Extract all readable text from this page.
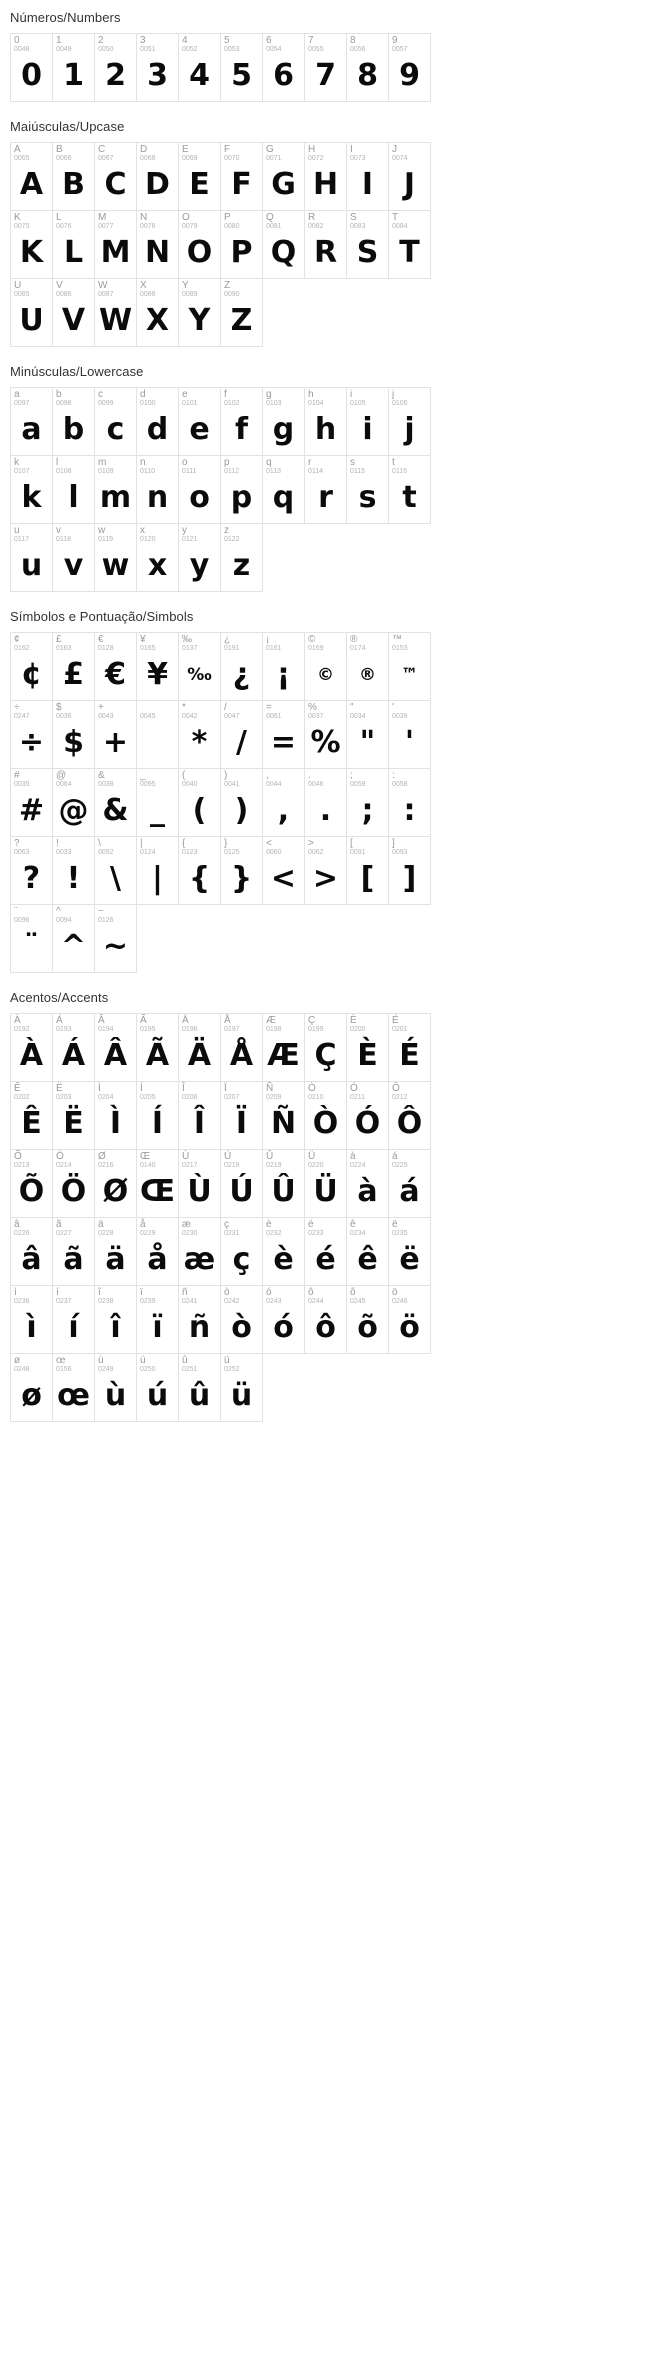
Números/Numbers
0
0048
0
1
0049
1
2
0050
2
3
0051
3
4
0052
4
5
0053
5
6
0054
6
7
0055
7
8
0056
8
9
0057
9
Maiúsculas/Upcase
A
0065
A
B
0066
B
C
0067
C
D
0068
D
E
0069
E
F
0070
F
G
0071
G
H
0072
H
I
0073
I
J
0074
J
K
0075
K
L
0076
L
M
0077
M
N
0078
N
O
0079
O
P
0080
P
Q
0081
Q
R
0082
R
S
0083
S
T
0084
T
U
0085
U
V
0086
V
W
0087
W
X
0088
X
Y
0089
Y
Z
0090
Z
Minúsculas/Lowercase
a
0097
a
b
0098
b
c
0099
c
d
0100
d
e
0101
e
f
0102
f
g
0103
g
h
0104
h
i
0105
i
j
0106
j
k
0107
k
l
0108
l
m
0109
m
n
0110
n
o
0111
o
p
0112
p
q
0113
q
r
0114
r
s
0115
s
t
0116
t
u
0117
u
v
0118
v
w
0119
w
x
0120
x
y
0121
y
z
0122
z
Símbolos e Pontuação/Simbols
¢
0162
¢
£
0163
£
€
0128
€
¥
0165
¥
‰
0137
‰
¿
0191
¿
¡
0161
¡
©
0169
©
®
0174
®
™
0153
™
÷
0247
÷
$
0036
$
+
0043
+
0045
*
0042
*
/
0047
/
=
0061
=
%
0037
%
"
0034
"
'
0039
'
#
0035
#
@
0064
@
&
0038
&
_
0095
_
(
0040
(
)
0041
)
,
0044
,
.
0046
.
;
0059
;
:
0058
:
?
0063
?
!
0033
!
\
0092
\
|
0124
|
{
0123
{
}
0125
}
<
0060
<
>
0062
>
[
0091
[
]
0093
]
¨
0096
¨
^
0094
^
~
0126
~
Acentos/Accents
À
0192
À
Á
0193
Á
Â
0194
Â
Ã
0195
Ã
Ä
0196
Ä
Å
0197
Å
Æ
0198
Æ
Ç
0199
Ç
È
0200
È
É
0201
É
Ê
0202
Ê
Ë
0203
Ë
Ì
0204
Ì
Í
0205
Í
Î
0206
Î
Ï
0207
Ï
Ñ
0209
Ñ
Ò
0210
Ò
Ó
0211
Ó
Ô
0212
Ô
Õ
0213
Õ
Ö
0214
Ö
Ø
0216
Ø
Œ
0140
Œ
Ù
0217
Ù
Ú
0218
Ú
Û
0219
Û
Ü
0220
Ü
à
0224
à
á
0225
á
â
0226
â
ã
0227
ã
ä
0228
ä
å
0229
å
æ
0230
æ
ç
0231
ç
è
0232
è
é
0233
é
ê
0234
ê
ë
0235
ë
ì
0236
ì
í
0237
í
î
0238
î
ï
0239
ï
ñ
0241
ñ
ò
0242
ò
ó
0243
ó
ô
0244
ô
õ
0245
õ
ö
0246
ö
ø
0248
ø
œ
0156
œ
ù
0249
ù
ú
0250
ú
û
0251
û
ü
0252
ü
